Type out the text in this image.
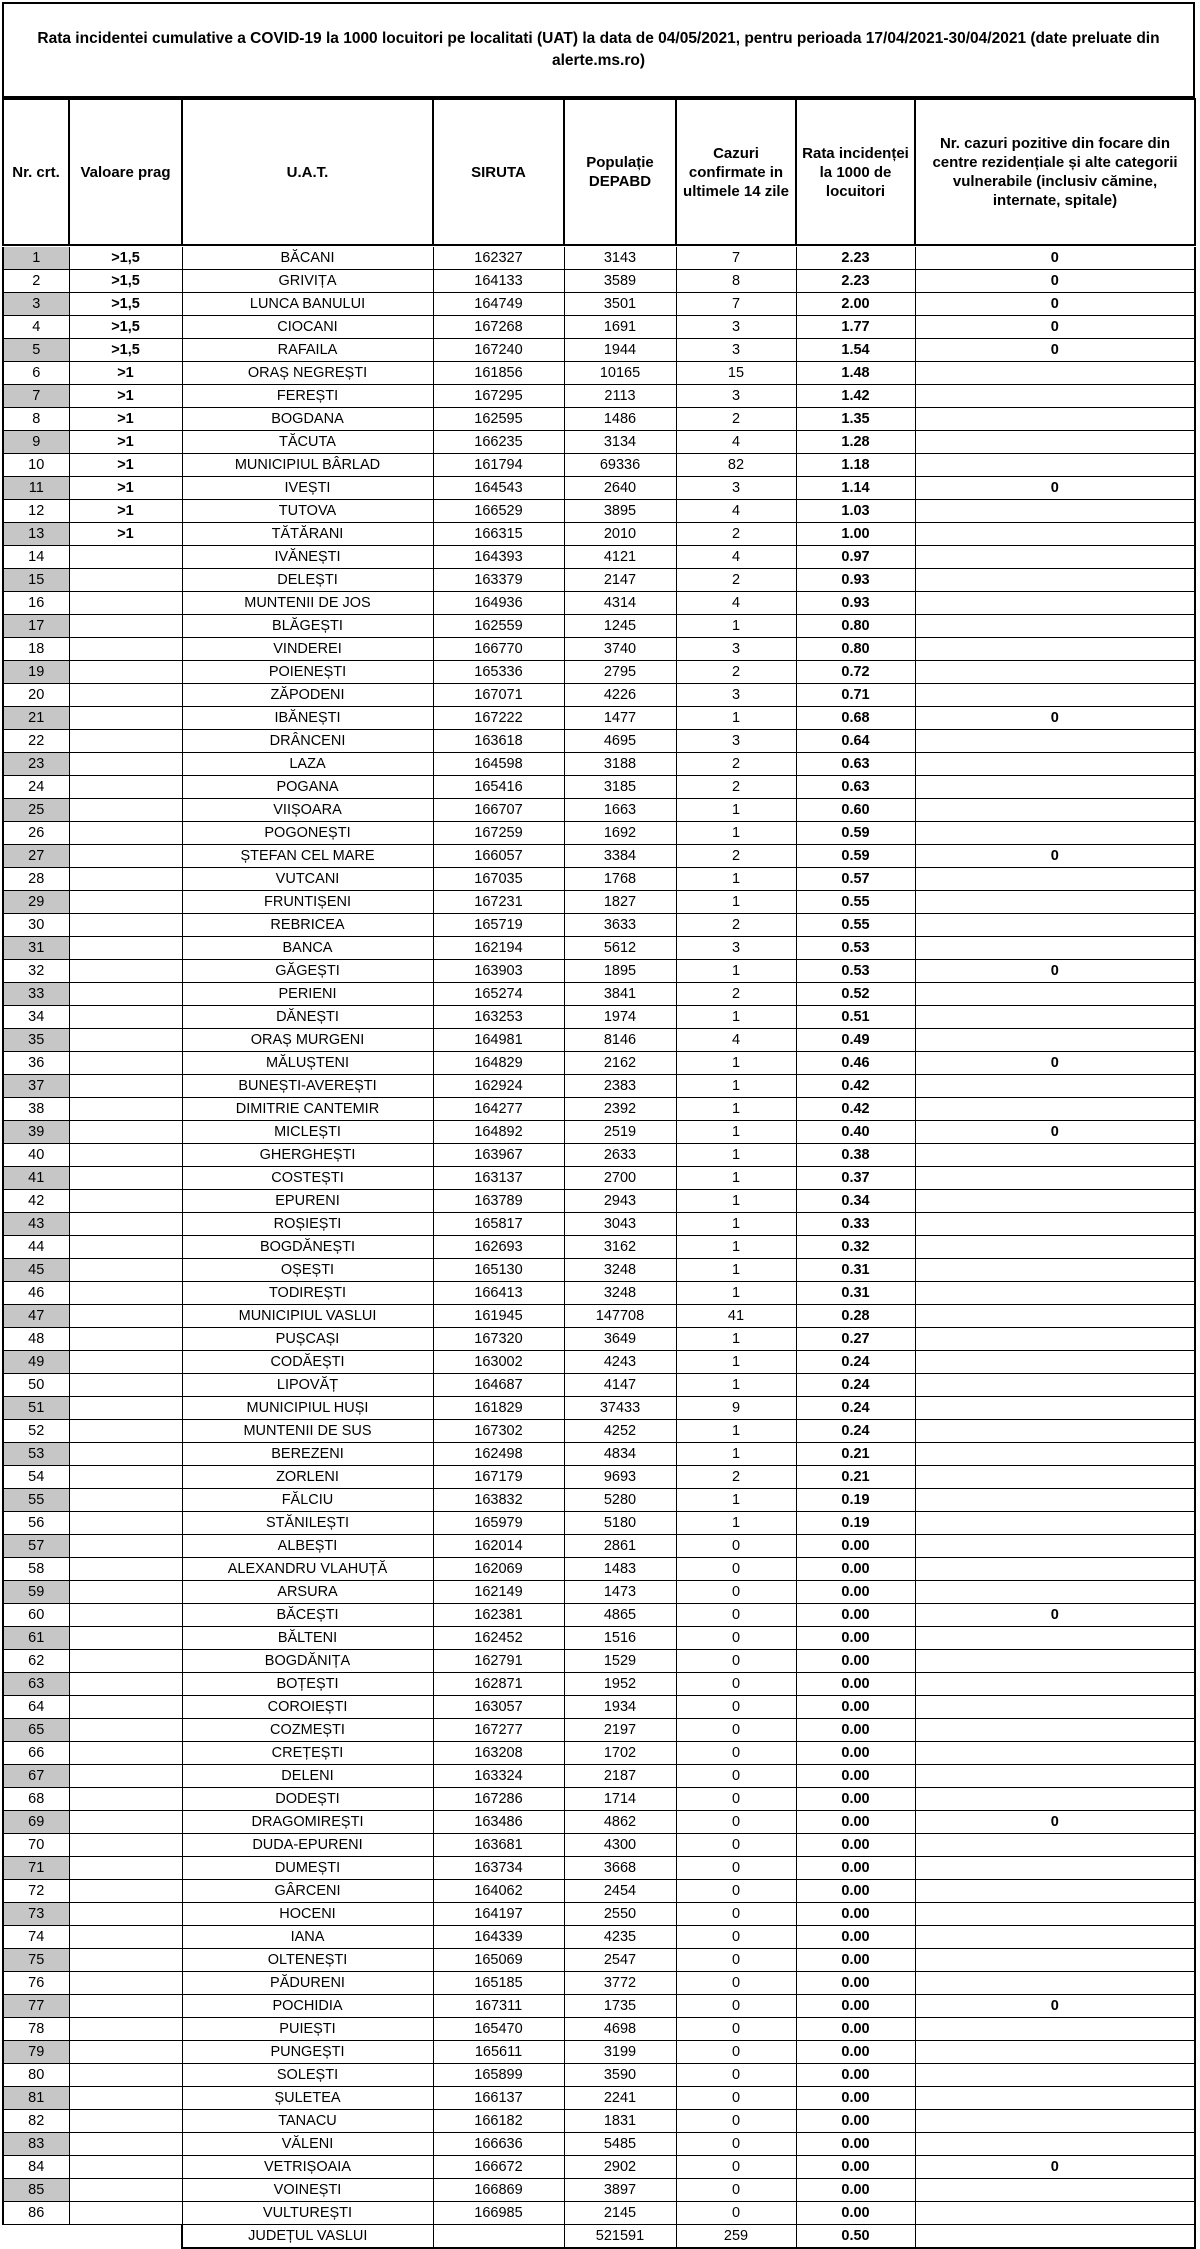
Rata incidentei cumulative a COVID-19 la 1000 locuitori pe localitati (UAT) la data de 04/05/2021, pentru perioada 17/04/2021-30/04/2021 (date preluate din alerte.ms.ro)
Nr. crt.	Valoare prag	U.A.T.	SIRUTA	Populație DEPABD	Cazuri confirmate in ultimele 14 zile	Rata incidenței la 1000 de locuitori	Nr. cazuri pozitive din focare din centre rezidențiale și alte categorii vulnerabile (inclusiv cămine, internate, spitale)
1	>1,5	BĂCANI	162327	3143	7	2.23	0
2	>1,5	GRIVIȚA	164133	3589	8	2.23	0
3	>1,5	LUNCA BANULUI	164749	3501	7	2.00	0
4	>1,5	CIOCANI	167268	1691	3	1.77	0
5	>1,5	RAFAILA	167240	1944	3	1.54	0
6	>1	ORAȘ NEGREȘTI	161856	10165	15	1.48	
7	>1	FEREȘTI	167295	2113	3	1.42	
8	>1	BOGDANA	162595	1486	2	1.35	
9	>1	TĂCUTA	166235	3134	4	1.28	
10	>1	MUNICIPIUL BÂRLAD	161794	69336	82	1.18	
11	>1	IVEȘTI	164543	2640	3	1.14	0
12	>1	TUTOVA	166529	3895	4	1.03	
13	>1	TĂTĂRANI	166315	2010	2	1.00	
14		IVĂNEȘTI	164393	4121	4	0.97	
15		DELEȘTI	163379	2147	2	0.93	
16		MUNTENII DE JOS	164936	4314	4	0.93	
17		BLĂGEȘTI	162559	1245	1	0.80	
18		VINDEREI	166770	3740	3	0.80	
19		POIENEȘTI	165336	2795	2	0.72	
20		ZĂPODENI	167071	4226	3	0.71	
21		IBĂNEȘTI	167222	1477	1	0.68	0
22		DRÂNCENI	163618	4695	3	0.64	
23		LAZA	164598	3188	2	0.63	
24		POGANA	165416	3185	2	0.63	
25		VIIȘOARA	166707	1663	1	0.60	
26		POGONEȘTI	167259	1692	1	0.59	
27		ȘTEFAN CEL MARE	166057	3384	2	0.59	0
28		VUTCANI	167035	1768	1	0.57	
29		FRUNTIȘENI	167231	1827	1	0.55	
30		REBRICEA	165719	3633	2	0.55	
31		BANCA	162194	5612	3	0.53	
32		GĂGEȘTI	163903	1895	1	0.53	0
33		PERIENI	165274	3841	2	0.52	
34		DĂNEȘTI	163253	1974	1	0.51	
35		ORAȘ MURGENI	164981	8146	4	0.49	
36		MĂLUȘTENI	164829	2162	1	0.46	0
37		BUNEȘTI-AVEREȘTI	162924	2383	1	0.42	
38		DIMITRIE CANTEMIR	164277	2392	1	0.42	
39		MICLEȘTI	164892	2519	1	0.40	0
40		GHERGHEȘTI	163967	2633	1	0.38	
41		COSTEȘTI	163137	2700	1	0.37	
42		EPURENI	163789	2943	1	0.34	
43		ROȘIEȘTI	165817	3043	1	0.33	
44		BOGDĂNEȘTI	162693	3162	1	0.32	
45		OȘEȘTI	165130	3248	1	0.31	
46		TODIREȘTI	166413	3248	1	0.31	
47		MUNICIPIUL VASLUI	161945	147708	41	0.28	
48		PUȘCAȘI	167320	3649	1	0.27	
49		CODĂEȘTI	163002	4243	1	0.24	
50		LIPOVĂȚ	164687	4147	1	0.24	
51		MUNICIPIUL HUȘI	161829	37433	9	0.24	
52		MUNTENII DE SUS	167302	4252	1	0.24	
53		BEREZENI	162498	4834	1	0.21	
54		ZORLENI	167179	9693	2	0.21	
55		FĂLCIU	163832	5280	1	0.19	
56		STĂNILEȘTI	165979	5180	1	0.19	
57		ALBEȘTI	162014	2861	0	0.00	
58		ALEXANDRU VLAHUȚĂ	162069	1483	0	0.00	
59		ARSURA	162149	1473	0	0.00	
60		BĂCEȘTI	162381	4865	0	0.00	0
61		BĂLTENI	162452	1516	0	0.00	
62		BOGDĂNIȚA	162791	1529	0	0.00	
63		BOȚEȘTI	162871	1952	0	0.00	
64		COROIEȘTI	163057	1934	0	0.00	
65		COZMEȘTI	167277	2197	0	0.00	
66		CREȚEȘTI	163208	1702	0	0.00	
67		DELENI	163324	2187	0	0.00	
68		DODEȘTI	167286	1714	0	0.00	
69		DRAGOMIREȘTI	163486	4862	0	0.00	0
70		DUDA-EPURENI	163681	4300	0	0.00	
71		DUMEȘTI	163734	3668	0	0.00	
72		GÂRCENI	164062	2454	0	0.00	
73		HOCENI	164197	2550	0	0.00	
74		IANA	164339	4235	0	0.00	
75		OLTENEȘTI	165069	2547	0	0.00	
76		PĂDURENI	165185	3772	0	0.00	
77		POCHIDIA	167311	1735	0	0.00	0
78		PUIEȘTI	165470	4698	0	0.00	
79		PUNGEȘTI	165611	3199	0	0.00	
80		SOLEȘTI	165899	3590	0	0.00	
81		ȘULETEA	166137	2241	0	0.00	
82		TANACU	166182	1831	0	0.00	
83		VĂLENI	166636	5485	0	0.00	
84		VETRIȘOAIA	166672	2902	0	0.00	0
85		VOINEȘTI	166869	3897	0	0.00	
86		VULTUREȘTI	166985	2145	0	0.00	
		JUDEȚUL VASLUI		521591	259	0.50	
